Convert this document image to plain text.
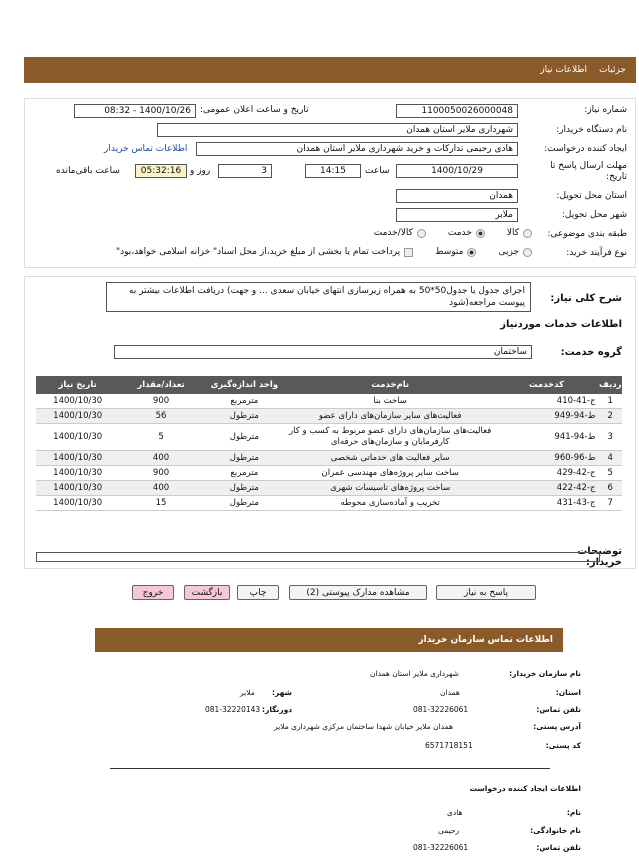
جزئیات
اطلاعات نیاز
شماره نیاز:
1100050026000048
تاریخ و ساعت اعلان عمومی:
1400/10/26 - 08:32
نام دستگاه خریدار:
شهرداری ملایر استان همدان
ایجاد کننده درخواست:
هادی رحیمی تدارکات و خرید شهرداری ملایر استان همدان
اطلاعات تماس خریدار
مهلت ارسال پاسخ تا تاریخ:
1400/10/29
ساعت
14:15
3
روز و
05:32:16
ساعت باقی‌مانده
استان محل تحویل:
همدان
شهر محل تحویل:
ملایر
طبقه بندی موضوعی:
کالا
خدمت
کالا/خدمت
نوع فرآیند خرید:
جزیی
متوسط
پرداخت تمام یا بخشی از مبلغ خرید،از محل اسناد" خزانه اسلامی خواهد،بود"
شرح کلی نیاز:
اجرای جدول یا جدول50*50 به همراه زیرسازی انتهای خیابان سعدی ... و جهت) دریافت اطلاعات بیشتر به پیوست مراجعه(شود
اطلاعات خدمات موردنیاز
گروه خدمت:
ساختمان
ردیف	کدخدمت	نام‌خدمت	واحد اندازه‌گیری	تعداد/مقدار	تاریخ نیاز
1	ج-41-410	ساخت بنا	مترمربع	900	1400/10/30
2	ط-94-949	فعالیت‌های سایر سازمان‌های دارای عضو	مترطول	56	1400/10/30
3	ط-94-941	فعالیت‌های سازمان‌های دارای عضو مربوط به کسب و کار کارفرمایان و سازمان‌های حرفه‌ای	مترطول	5	1400/10/30
4	ط-96-960	سایر فعالیت های خدماتی شخصی	مترطول	400	1400/10/30
5	ج-42-429	ساخت سایر پروژه‌های مهندسی عمران	مترمربع	900	1400/10/30
6	ج-42-422	ساخت پروژه‌های تاسیسات شهری	مترطول	400	1400/10/30
7	ج-43-431	تخریب و آماده‌سازی محوطه	مترطول	15	1400/10/30
توضیحات خریدار:
پاسخ به نیاز
مشاهده مدارک پیوستی (2)
چاپ
بازگشت
خروج
اطلاعات تماس سازمان خریدار
نام سازمان خریدار:
شهرداری ملایر استان همدان
استان:
همدان
شهر:
ملایر
تلفن تماس:
081-32226061
دورنگار:
081-32220143
آدرس پستی:
همدان ملایر خیابان شهدا ساختمان مرکزی شهرداری ملایر
کد پستی:
6571718151
اطلاعات ایجاد کننده درخواست
نام:
هادی
نام خانوادگی:
رحیمی
تلفن تماس:
081-32226061
